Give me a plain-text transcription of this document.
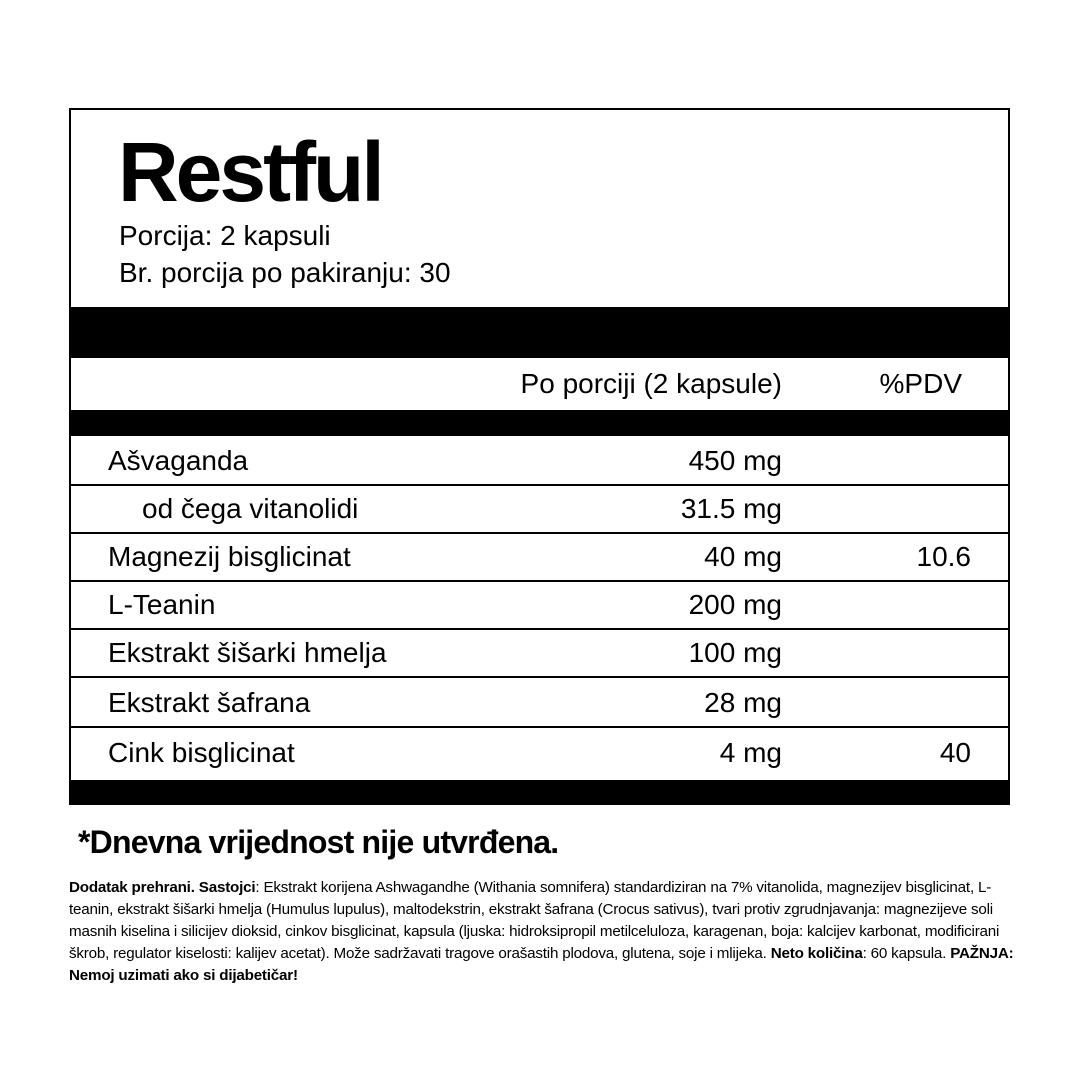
Restful
Porcija: 2 kapsuli
Br. porcija po pakiranju: 30
Po porciji (2 kapsule)	%PDV
Ašvaganda	450 mg
od čega vitanolidi	31.5 mg
Magnezij bisglicinat	40 mg	10.6
L-Teanin	200 mg
Ekstrakt šišarki hmelja	100 mg
Ekstrakt šafrana	28 mg
Cink bisglicinat	4 mg	40
*Dnevna vrijednost nije utvrđena.
Dodatak prehrani. Sastojci: Ekstrakt korijena Ashwagandhe (Withania somnifera) standardiziran na 7% vitanolida, magnezijev bisglicinat, L-teanin, ekstrakt šišarki hmelja (Humulus lupulus), maltodekstrin, ekstrakt šafrana (Crocus sativus), tvari protiv zgrudnjavanja: magnezijeve soli masnih kiselina i silicijev dioksid, cinkov bisglicinat, kapsula (ljuska: hidroksipropil metilceluloza, karagenan, boja: kalcijev karbonat, modificirani škrob, regulator kiselosti: kalijev acetat). Može sadržavati tragove orašastih plodova, glutena, soje i mlijeka. Neto količina: 60 kapsula. PAŽNJA: Nemoj uzimati ako si dijabetičar!
